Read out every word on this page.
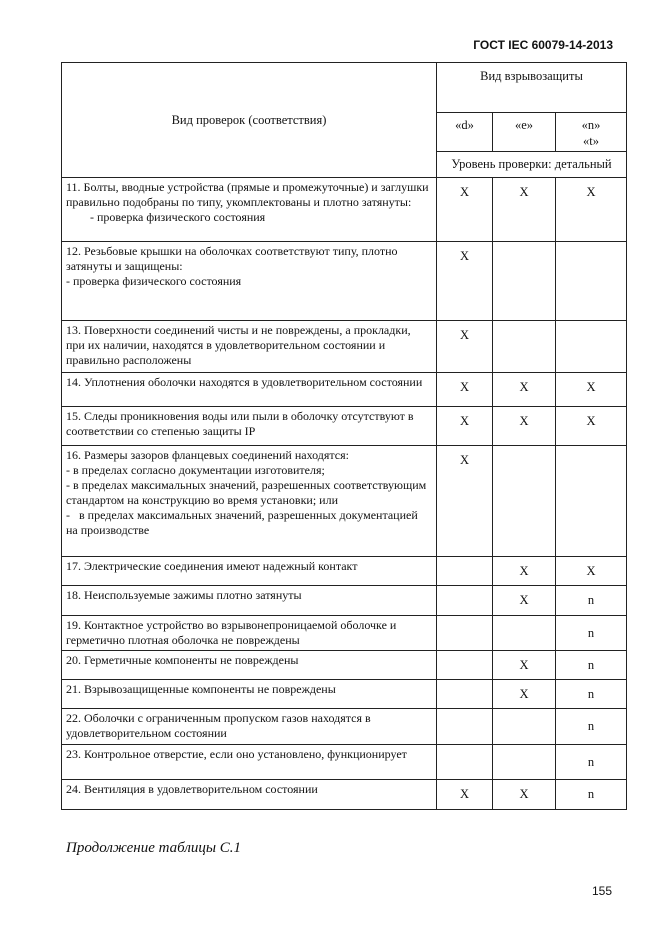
ГОСТ IEC 60079-14-2013
Вид проверок (соответствия)	Вид взрывозащиты		
	«d»	«e»	«n»
«t»
	Уровень проверки: детальный		
11. Болты, вводные устройства (прямые и промежуточные) и заглушки правильно подобраны по типу, укомплектованы и плотно затянуты:
- проверка физического состояния	X	X	X
12. Резьбовые крышки на оболочках соответствуют типу, плотно затянуты и защищены:
- проверка физического состояния	X		
13. Поверхности соединений чисты и не повреждены, а прокладки, при их наличии, находятся в удовлетворительном состоянии и правильно расположены	X		
14. Уплотнения оболочки находятся в удовлетворительном состоянии	X	X	X
15. Следы проникновения воды или пыли в оболочку отсутствуют в соответствии со степенью защиты IP	X	X	X
16. Размеры зазоров фланцевых соединений находятся:
- в пределах согласно документации изготовителя;
- в пределах максимальных значений, разрешенных соответствующим стандартом на конструкцию во время установки; или
-   в пределах максимальных значений, разрешенных документацией на производстве	X		
17. Электрические соединения имеют надежный контакт		X	X
18. Неиспользуемые зажимы плотно затянуты		X	n
19. Контактное устройство во взрывонепроницаемой оболочке и герметично плотная оболочка не повреждены			n
20. Герметичные компоненты не повреждены		X	n
21. Взрывозащищенные компоненты не повреждены		X	n
22. Оболочки с ограниченным пропуском газов находятся в удовлетворительном состоянии			n
23. Контрольное отверстие, если оно установлено, функционирует			n
24. Вентиляция в удовлетворительном состоянии	X	X	n
Продолжение таблицы С.1
155
